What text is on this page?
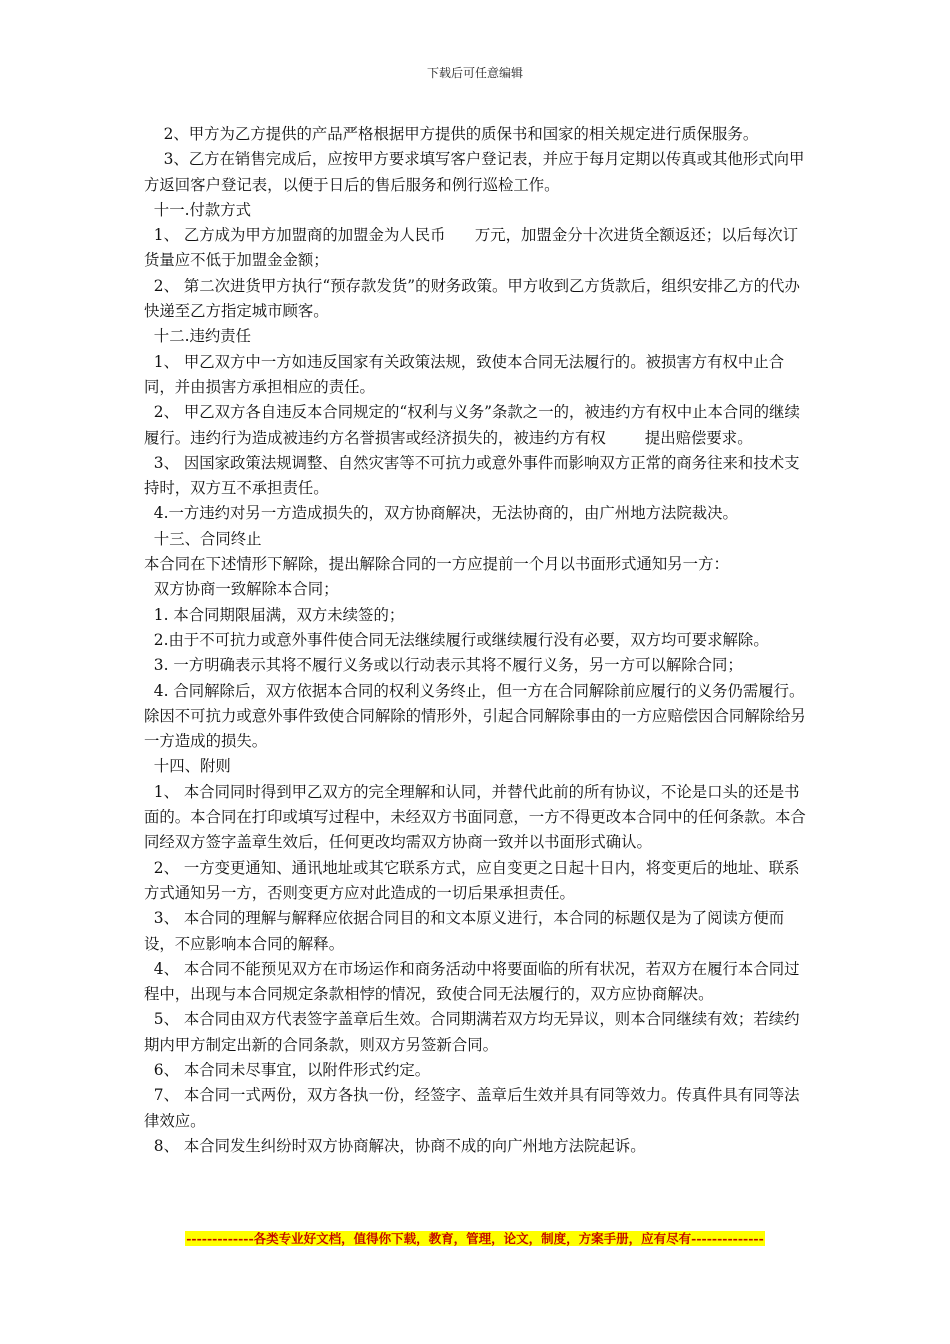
下载后可任意编辑

2、甲方为乙方提供的产品严格根据甲方提供的质保书和国家的相关规定进行质保服务。

3、乙方在销售完成后，应按甲方要求填写客户登记表，并应于每月定期以传真或其他形式向甲方返回客户登记表，以便于日后的售后服务和例行巡检工作。

十一.付款方式

1、 乙方成为甲方加盟商的加盟金为人民币      万元，加盟金分十次进货全额返还；以后每次订货量应不低于加盟金金额；

2、 第二次进货甲方执行“预存款发货”的财务政策。甲方收到乙方货款后，组织安排乙方的代办快递至乙方指定城市顾客。

十二.违约责任

1、 甲乙双方中一方如违反国家有关政策法规，致使本合同无法履行的。被损害方有权中止合同，并由损害方承担相应的责任。

2、 甲乙双方各自违反本合同规定的“权利与义务”条款之一的，被违约方有权中止本合同的继续履行。违约行为造成被违约方名誉损害或经济损失的，被违约方有权        提出赔偿要求。

3、 因国家政策法规调整、自然灾害等不可抗力或意外事件而影响双方正常的商务往来和技术支持时，双方互不承担责任。

4.一方违约对另一方造成损失的，双方协商解决，无法协商的，由广州地方法院裁决。

十三、合同终止

本合同在下述情形下解除，提出解除合同的一方应提前一个月以书面形式通知另一方：

双方协商一致解除本合同；

1. 本合同期限届满，双方未续签的；

2.由于不可抗力或意外事件使合同无法继续履行或继续履行没有必要，双方均可要求解除。

3. 一方明确表示其将不履行义务或以行动表示其将不履行义务，另一方可以解除合同；

4. 合同解除后，双方依据本合同的权利义务终止，但一方在合同解除前应履行的义务仍需履行。除因不可抗力或意外事件致使合同解除的情形外，引起合同解除事由的一方应赔偿因合同解除给另一方造成的损失。

十四、附则

1、 本合同同时得到甲乙双方的完全理解和认同，并替代此前的所有协议，不论是口头的还是书面的。本合同在打印或填写过程中，未经双方书面同意，一方不得更改本合同中的任何条款。本合同经双方签字盖章生效后，任何更改均需双方协商一致并以书面形式确认。

2、 一方变更通知、通讯地址或其它联系方式，应自变更之日起十日内，将变更后的地址、联系方式通知另一方，否则变更方应对此造成的一切后果承担责任。

3、 本合同的理解与解释应依据合同目的和文本原义进行，本合同的标题仅是为了阅读方便而设，不应影响本合同的解释。

4、 本合同不能预见双方在市场运作和商务活动中将要面临的所有状况，若双方在履行本合同过程中，出现与本合同规定条款相悖的情况，致使合同无法履行的，双方应协商解决。

5、 本合同由双方代表签字盖章后生效。合同期满若双方均无异议，则本合同继续有效；若续约期内甲方制定出新的合同条款，则双方另签新合同。

6、 本合同未尽事宜，以附件形式约定。

7、 本合同一式两份，双方各执一份，经签字、盖章后生效并具有同等效力。传真件具有同等法律效应。

8、 本合同发生纠纷时双方协商解决，协商不成的向广州地方法院起诉。

-------------各类专业好文档，值得你下载，教育，管理，论文，制度，方案手册，应有尽有--------------
